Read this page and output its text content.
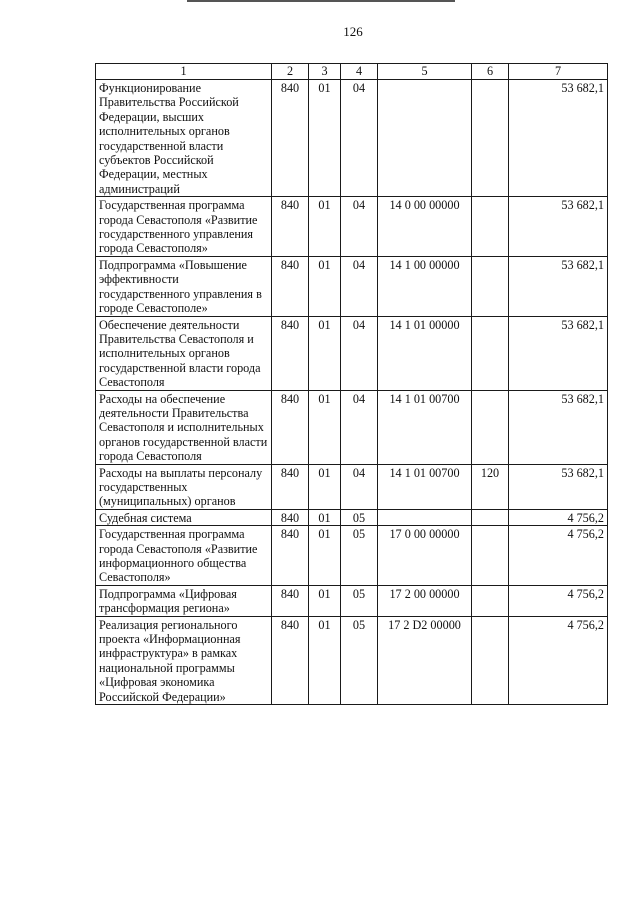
126
1	2	3	4	5	6	7
Функционирование Правительства Российской Федерации, высших исполнительных органов государственной власти субъектов Российской Федерации, местных администраций	840	01	04			53 682,1
Государственная программа города Севастополя «Развитие государственного управления города Севастополя»	840	01	04	14 0 00 00000		53 682,1
Подпрограмма «Повышение эффективности государственного управления в городе Севастополе»	840	01	04	14 1 00 00000		53 682,1
Обеспечение деятельности Правительства Севастополя и исполнительных органов государственной власти города Севастополя	840	01	04	14 1 01 00000		53 682,1
Расходы на обеспечение деятельности Правительства Севастополя и исполнительных органов государственной власти города Севастополя	840	01	04	14 1 01 00700		53 682,1
Расходы на выплаты персоналу государственных (муниципальных) органов	840	01	04	14 1 01 00700	120	53 682,1
Судебная система	840	01	05			4 756,2
Государственная программа города Севастополя «Развитие информационного общества Севастополя»	840	01	05	17 0 00 00000		4 756,2
Подпрограмма «Цифровая трансформация региона»	840	01	05	17 2 00 00000		4 756,2
Реализация регионального проекта «Информационная инфраструктура» в рамках национальной программы «Цифровая экономика Российской Федерации»	840	01	05	17 2 D2 00000		4 756,2
